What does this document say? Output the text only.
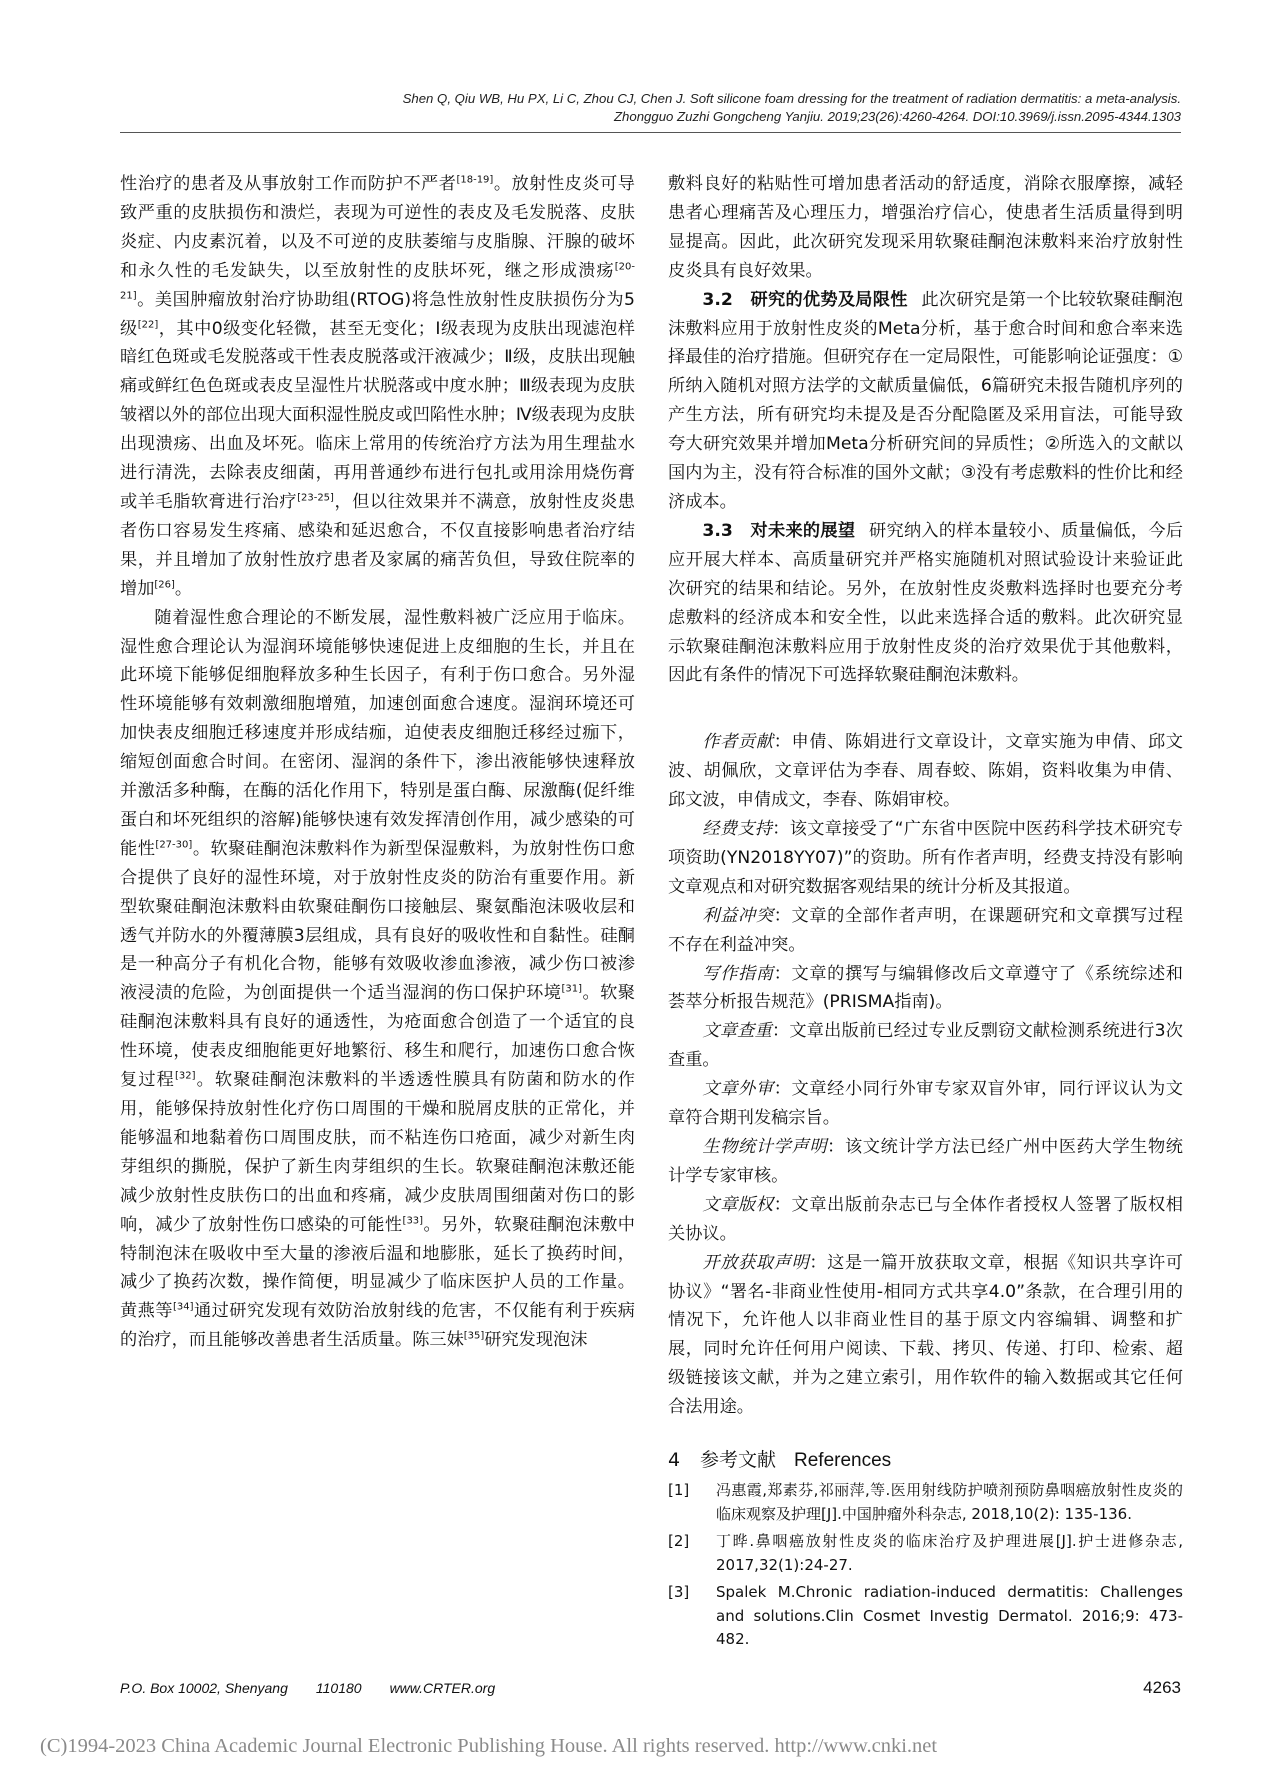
Shen Q, Qiu WB, Hu PX, Li C, Zhou CJ, Chen J. Soft silicone foam dressing for the treatment of radiation dermatitis: a meta-analysis.
Zhongguo Zuzhi Gongcheng Yanjiu. 2019;23(26):4260-4264. DOI:10.3969/j.issn.2095-4344.1303

性治疗的患者及从事放射工作而防护不严者[18-19]。放射性皮炎可导致严重的皮肤损伤和溃烂，表现为可逆性的表皮及毛发脱落、皮肤炎症、内皮素沉着，以及不可逆的皮肤萎缩与皮脂腺、汗腺的破坏和永久性的毛发缺失，以至放射性的皮肤坏死，继之形成溃疡[20-21]。美国肿瘤放射治疗协助组(RTOG)将急性放射性皮肤损伤分为5级[22]，其中0级变化轻微，甚至无变化；Ⅰ级表现为皮肤出现滤泡样暗红色斑或毛发脱落或干性表皮脱落或汗液减少；Ⅱ级，皮肤出现触痛或鲜红色色斑或表皮呈湿性片状脱落或中度水肿；Ⅲ级表现为皮肤皱褶以外的部位出现大面积湿性脱皮或凹陷性水肿；Ⅳ级表现为皮肤出现溃疡、出血及坏死。临床上常用的传统治疗方法为用生理盐水进行清洗，去除表皮细菌，再用普通纱布进行包扎或用涂用烧伤膏或羊毛脂软膏进行治疗[23-25]，但以往效果并不满意，放射性皮炎患者伤口容易发生疼痛、感染和延迟愈合，不仅直接影响患者治疗结果，并且增加了放射性放疗患者及家属的痛苦负但，导致住院率的增加[26]。

随着湿性愈合理论的不断发展，湿性敷料被广泛应用于临床。湿性愈合理论认为湿润环境能够快速促进上皮细胞的生长，并且在此环境下能够促细胞释放多种生长因子，有利于伤口愈合。另外湿性环境能够有效刺激细胞增殖，加速创面愈合速度。湿润环境还可加快表皮细胞迁移速度并形成结痂，迫使表皮细胞迁移经过痂下，缩短创面愈合时间。在密闭、湿润的条件下，渗出液能够快速释放并激活多种酶，在酶的活化作用下，特别是蛋白酶、尿激酶(促纤维蛋白和坏死组织的溶解)能够快速有效发挥清创作用，减少感染的可能性[27-30]。软聚硅酮泡沫敷料作为新型保湿敷料，为放射性伤口愈合提供了良好的湿性环境，对于放射性皮炎的防治有重要作用。新型软聚硅酮泡沫敷料由软聚硅酮伤口接触层、聚氨酯泡沫吸收层和透气并防水的外覆薄膜3层组成，具有良好的吸收性和自黏性。硅酮是一种高分子有机化合物，能够有效吸收渗血渗液，减少伤口被渗液浸渍的危险，为创面提供一个适当湿润的伤口保护环境[31]。软聚硅酮泡沫敷料具有良好的通透性，为疮面愈合创造了一个适宜的良性环境，使表皮细胞能更好地繁衍、移生和爬行，加速伤口愈合恢复过程[32]。软聚硅酮泡沫敷料的半透透性膜具有防菌和防水的作用，能够保持放射性化疗伤口周围的干燥和脱屑皮肤的正常化，并能够温和地黏着伤口周围皮肤，而不粘连伤口疮面，减少对新生肉芽组织的撕脱，保护了新生肉芽组织的生长。软聚硅酮泡沫敷还能减少放射性皮肤伤口的出血和疼痛，减少皮肤周围细菌对伤口的影响，减少了放射性伤口感染的可能性[33]。另外，软聚硅酮泡沫敷中特制泡沫在吸收中至大量的渗液后温和地膨胀，延长了换药时间，减少了换药次数，操作简便，明显减少了临床医护人员的工作量。黄燕等[34]通过研究发现有效防治放射线的危害，不仅能有利于疾病的治疗，而且能够改善患者生活质量。陈三妹[35]研究发现泡沫

敷料良好的粘贴性可增加患者活动的舒适度，消除衣服摩擦，减轻患者心理痛苦及心理压力，增强治疗信心，使患者生活质量得到明显提高。因此，此次研究发现采用软聚硅酮泡沫敷料来治疗放射性皮炎具有良好效果。

3.2　研究的优势及局限性 此次研究是第一个比较软聚硅酮泡沫敷料应用于放射性皮炎的Meta分析，基于愈合时间和愈合率来选择最佳的治疗措施。但研究存在一定局限性，可能影响论证强度：①所纳入随机对照方法学的文献质量偏低，6篇研究未报告随机序列的产生方法，所有研究均未提及是否分配隐匿及采用盲法，可能导致夸大研究效果并增加Meta分析研究间的异质性；②所选入的文献以国内为主，没有符合标准的国外文献；③没有考虑敷料的性价比和经济成本。

3.3　对未来的展望 研究纳入的样本量较小、质量偏低，今后应开展大样本、高质量研究并严格实施随机对照试验设计来验证此次研究的结果和结论。另外，在放射性皮炎敷料选择时也要充分考虑敷料的经济成本和安全性，以此来选择合适的敷料。此次研究显示软聚硅酮泡沫敷料应用于放射性皮炎的治疗效果优于其他敷料，因此有条件的情况下可选择软聚硅酮泡沫敷料。

作者贡献：申倩、陈娟进行文章设计，文章实施为申倩、邱文波、胡佩欣，文章评估为李春、周春蛟、陈娟，资料收集为申倩、邱文波，申倩成文，李春、陈娟审校。

经费支持：该文章接受了“广东省中医院中医药科学技术研究专项资助(YN2018YY07)”的资助。所有作者声明，经费支持没有影响文章观点和对研究数据客观结果的统计分析及其报道。

利益冲突：文章的全部作者声明，在课题研究和文章撰写过程不存在利益冲突。

写作指南：文章的撰写与编辑修改后文章遵守了《系统综述和荟萃分析报告规范》(PRISMA指南)。

文章查重：文章出版前已经过专业反剽窃文献检测系统进行3次查重。

文章外审：文章经小同行外审专家双盲外审，同行评议认为文章符合期刊发稿宗旨。

生物统计学声明：该文统计学方法已经广州中医药大学生物统计学专家审核。

文章版权：文章出版前杂志已与全体作者授权人签署了版权相关协议。

开放获取声明：这是一篇开放获取文章，根据《知识共享许可协议》“署名-非商业性使用-相同方式共享4.0”条款，在合理引用的情况下，允许他人以非商业性目的基于原文内容编辑、调整和扩展，同时允许任何用户阅读、下载、拷贝、传递、打印、检索、超级链接该文献，并为之建立索引，用作软件的输入数据或其它任何合法用途。

4 参考文献 References
[1]	冯惠霞,郑素芬,祁丽萍,等.医用射线防护喷剂预防鼻咽癌放射性皮炎的临床观察及护理[J].中国肿瘤外科杂志, 2018,10(2): 135-136.
[2]	丁晔.鼻咽癌放射性皮炎的临床治疗及护理进展[J].护士进修杂志, 2017,32(1):24-27.
[3]	Spalek M.Chronic radiation-induced dermatitis: Challenges and solutions.Clin Cosmet Investig Dermatol. 2016;9: 473-482.
P.O. Box 10002, Shenyang 110180 www.CRTER.org	4263
(C)1994-2023 China Academic Journal Electronic Publishing House. All rights reserved. http://www.cnki.net
